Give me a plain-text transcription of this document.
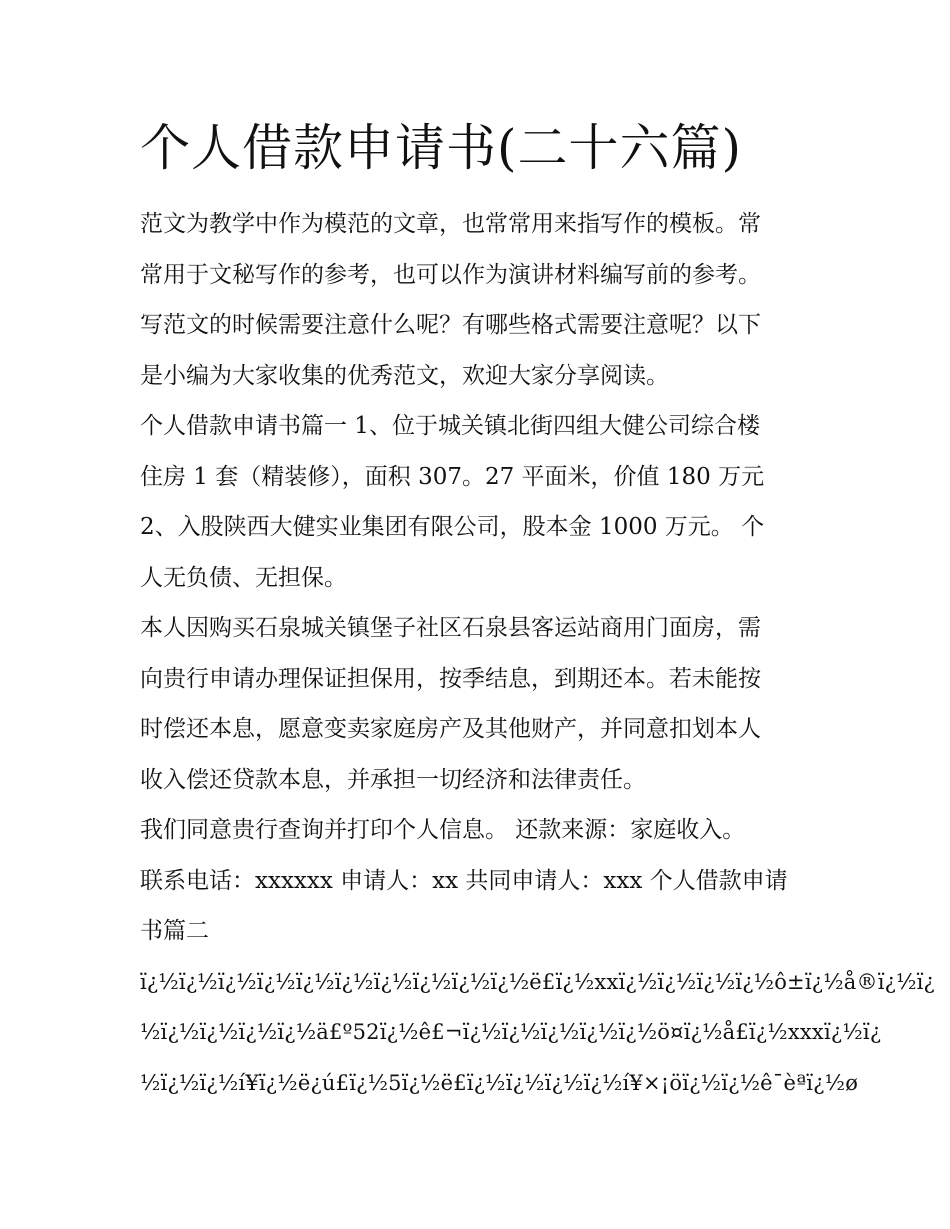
个人借款申请书(二十六篇)
范文为教学中作为模范的文章，也常常用来指写作的模板。常
常用于文秘写作的参考，也可以作为演讲材料编写前的参考。
写范文的时候需要注意什么呢？有哪些格式需要注意呢？以下
是小编为大家收集的优秀范文，欢迎大家分享阅读。
个人借款申请书篇一 1、位于城关镇北街四组大健公司综合楼
住房 1 套（精装修），面积 307。27 平面米，价值 180 万元
2、入股陕西大健实业集团有限公司，股本金 1000 万元。 个
人无负债、无担保。
本人因购买石泉城关镇堡子社区石泉县客运站商用门面房，需
向贵行申请办理保证担保用，按季结息，到期还本。若未能按
时偿还本息，愿意变卖家庭房产及其他财产，并同意扣划本人
收入偿还贷款本息，并承担一切经济和法律责任。
我们同意贵行查询并打印个人信息。 还款来源：家庭收入。
联系电话：xxxxxx 申请人：xx 共同申请人：xxx 个人借款申请
书篇二
ï¿½ï¿½ï¿½ï¿½ï¿½ï¿½ï¿½ï¿½ï¿½ï¿½ë£ï¿½xxï¿½ï¿½ï¿½ï¿½ô±ï¿½å®ï¿½ï¿
½ï¿½ï¿½ï¿½ï¿½ä£º52ï¿½ê£¬ï¿½ï¿½ï¿½ï¿½ï¿½ö¤ï¿½å£ï¿½xxxï¿½ï¿
½ï¿½ï¿½í¥ï¿½ë¿ú£ï¿½5ï¿½ë£ï¿½ï¿½ï¿½ï¿½í¥×¡öï¿½ï¿½ê¯èªï¿½ø
